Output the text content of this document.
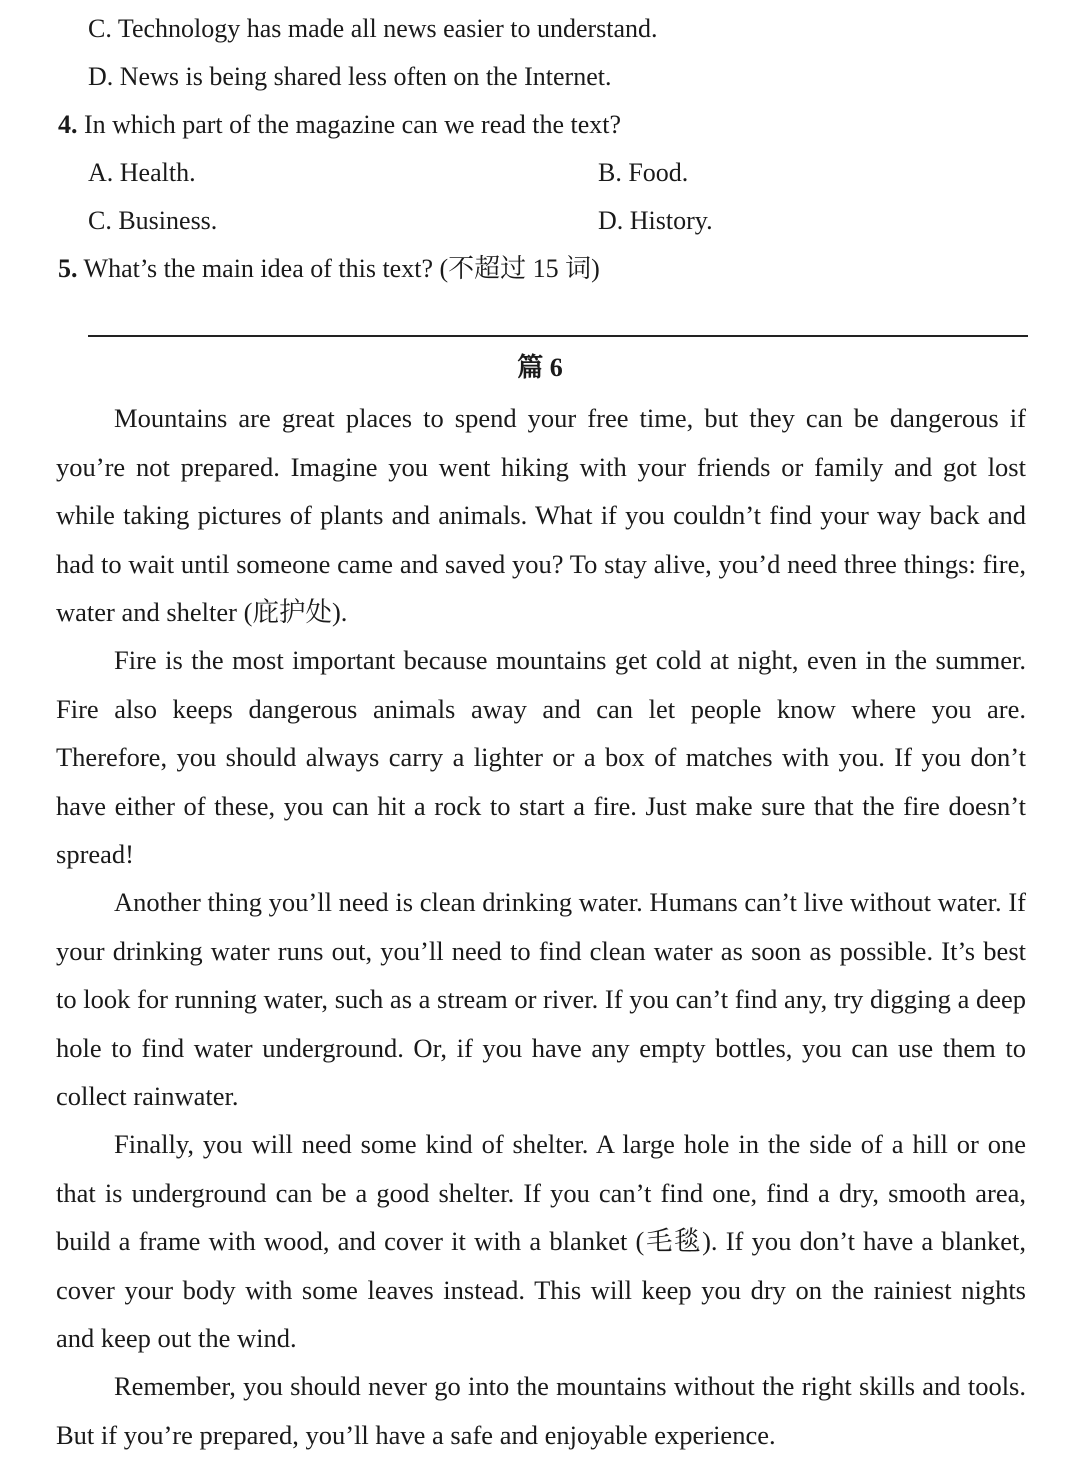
C. Technology has made all news easier to understand.
D. News is being shared less often on the Internet.
4. In which part of the magazine can we read the text?
A. Health.	B. Food.
C. Business.	D. History.
5. What’s the main idea of this text? (不超过 15 词)
篇 6

Mountains are great places to spend your free time, but they can be dangerous if you’re not prepared. Imagine you went hiking with your friends or family and got lost while taking pictures of plants and animals. What if you couldn’t find your way back and had to wait until someone came and saved you? To stay alive, you’d need three things: fire, water and shelter (庇护处).

Fire is the most important because mountains get cold at night, even in the summer. Fire also keeps dangerous animals away and can let people know where you are. Therefore, you should always carry a lighter or a box of matches with you. If you don’t have either of these, you can hit a rock to start a fire. Just make sure that the fire doesn’t spread!

Another thing you’ll need is clean drinking water. Humans can’t live without water. If your drinking water runs out, you’ll need to find clean water as soon as possible. It’s best to look for running water, such as a stream or river. If you can’t find any, try digging a deep hole to find water underground. Or, if you have any empty bottles, you can use them to collect rainwater.

Finally, you will need some kind of shelter. A large hole in the side of a hill or one that is underground can be a good shelter. If you can’t find one, find a dry, smooth area, build a frame with wood, and cover it with a blanket (毛毯). If you don’t have a blanket, cover your body with some leaves instead. This will keep you dry on the rainiest nights and keep out the wind.

Remember, you should never go into the mountains without the right skills and tools. But if you’re prepared, you’ll have a safe and enjoyable experience.
